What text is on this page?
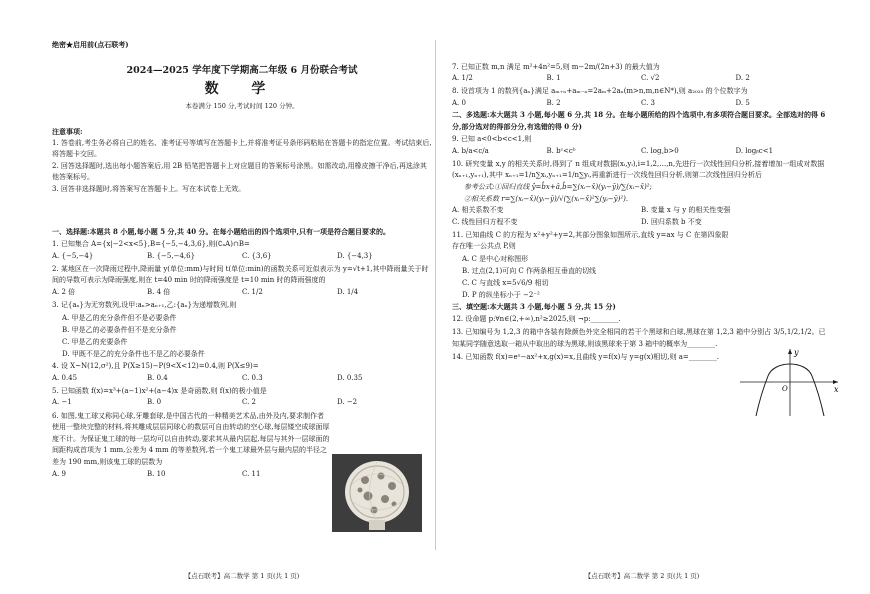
绝密★启用前(点石联考)
2024—2025 学年度下学期高二年级 6 月份联合考试
数 学
本卷满分 150 分,考试时间 120 分钟。
注意事项:
1. 答卷前,考生务必将自己的姓名、准考证号等填写在答题卡上,并将准考证号条形码粘贴在答题卡的指定位置。考试结束后,将答题卡交回。
2. 回答选择题时,选出每小题答案后,用 2B 铅笔把答题卡上对应题目的答案标号涂黑。如需改动,用橡皮擦干净后,再选涂其他答案标号。
3. 回答非选择题时,将答案写在答题卡上。写在本试卷上无效。
一、选择题:本题共 8 小题,每小题 5 分,共 40 分。在每小题给出的四个选项中,只有一项是符合题目要求的。
1. 已知集合 A={x|−2<x<5},B={−5,−4,3,6},则(∁ₐA)∩B=
A. {−5,−4}	B. {−5,−4,6}	C. {3,6}	D. {−4,3}
2. 某地区在一次降雨过程中,降雨量 y(单位:mm)与时间 t(单位:min)的函数关系可近似表示为 y=√t+1,其中降雨量关于时间的导数可表示为降雨强度,则在 t=40 min 时的降雨强度是 t=10 min 时的降雨强度的
A. 2 倍	B. 4 倍	C. 1/2	D. 1/4
3. 记{aₙ}为无穷数列,设甲:aₙ>aₙ₊₁,乙:{aₙ}为递增数列,则
A. 甲是乙的充分条件但不是必要条件
B. 甲是乙的必要条件但不是充分条件
C. 甲是乙的充要条件
D. 甲既不是乙的充分条件也不是乙的必要条件
4. 设 X~N(12,σ²),且 P(X≥15)−P(9<X<12)=0.4,则 P(X≤9)=
A. 0.45	B. 0.4	C. 0.3	D. 0.35
5. 已知函数 f(x)=x³+(a−1)x²+(a−4)x 是奇函数,则 f(x)的极小值是
A. −1	B. 0	C. 2	D. −2
6. 如图,鬼工球又称同心球,牙雕套球,是中国古代的一种精美艺术品,由外及内,要求制作者使用一整块完整的材料,将其雕成层层同球心的数层可自由转动的空心球,每层镂空成球面厚度不计。为保证鬼工球的每一层均可以自由转动,要求其从最内层起,每层与其外一层球面的间距构成首项为 1 mm,公差为 4 mm 的等差数列,若一个鬼工球最外层与最内层的半径之差为 190 mm,则该鬼工球的层数为
A. 9	B. 10	C. 11
【点石联考】高二数学 第 1 页(共 1 页)
7. 已知正数 m,n 满足 m²+4n²=5,则 m−2m/(2n+3) 的最大值为
A. 1/2	B. 1	C. √2	D. 2
8. 设首项为 1 的数列{aₙ}满足 aₘ₊ₙ+aₘ₋ₙ=2aₘ+2aₙ(m>n,m,n∈N*),则 a₂₀₂₅ 的个位数字为
A. 0	B. 2	C. 3	D. 5
二、多选题:本大题共 3 小题,每小题 6 分,共 18 分。在每小题所给的四个选项中,有多项符合题目要求。全部选对的得 6 分,部分选对的得部分分,有选错的得 0 分)
9. 已知 a<0<b<c<1,则
A. b/a<c/a	B. bᶜ<cᵇ	C. log꜀b>0	D. logᵦc<1
10. 研究变量 x,y 的相关关系时,得到了 n 组成对数据(xᵢ,yᵢ),i=1,2,…,n,先进行一次线性回归分析,接着增加一组成对数据(xₙ₊₁,yₙ₊₁),其中 xₙ₊₁=1/n∑xᵢ,yₙ₊₁=1/n∑yᵢ,再重新进行一次线性回归分析,则第二次线性回归分析后
参考公式:①回归直线 ŷ=b̂x+â,b̂=∑(xᵢ−x̄)(yᵢ−ȳ)/∑(xᵢ−x̄)²;
②相关系数 r=∑(xᵢ−x̄)(yᵢ−ȳ)/√(∑(xᵢ−x̄)²∑(yᵢ−ȳ)²).
A. 相关系数不变	B. 变量 x 与 y 的相关性变强
C. 线性回归方程不变	D. 回归系数 b 不变
11. 已知曲线 C 的方程为 x²+y²+y=2,其部分图象如图所示,直线 y=ax 与 C 在第四象限存在唯一公共点 P,则
A. C 是中心对称图形
B. 过点(2,1)可向 C 作两条相互垂直的切线
C. C 与直线 x=5√6/9 相切
D. P 的纵坐标小于 −2⁻²
三、填空题:本大题共 3 小题,每小题 5 分,共 15 分)
12. 设命题 p:∀n∈(2,+∞),n²≥2025,则 ¬p:________.
13. 已知编号为 1,2,3 的箱中各装有除颜色外完全相同的若干个黑球和白球,黑球在第 1,2,3 箱中分别占 3/5,1/2,1/2。已知某同学随意选取一箱从中取出的球为黑球,则该黑球来于第 3 箱中的概率为________.
14. 已知函数 f(x)=eˣ−ax²+x,g(x)=x,且曲线 y=f(x)与 y=g(x)相切,则 a=________.
x
y
O
【点石联考】高二数学 第 2 页(共 1 页)
